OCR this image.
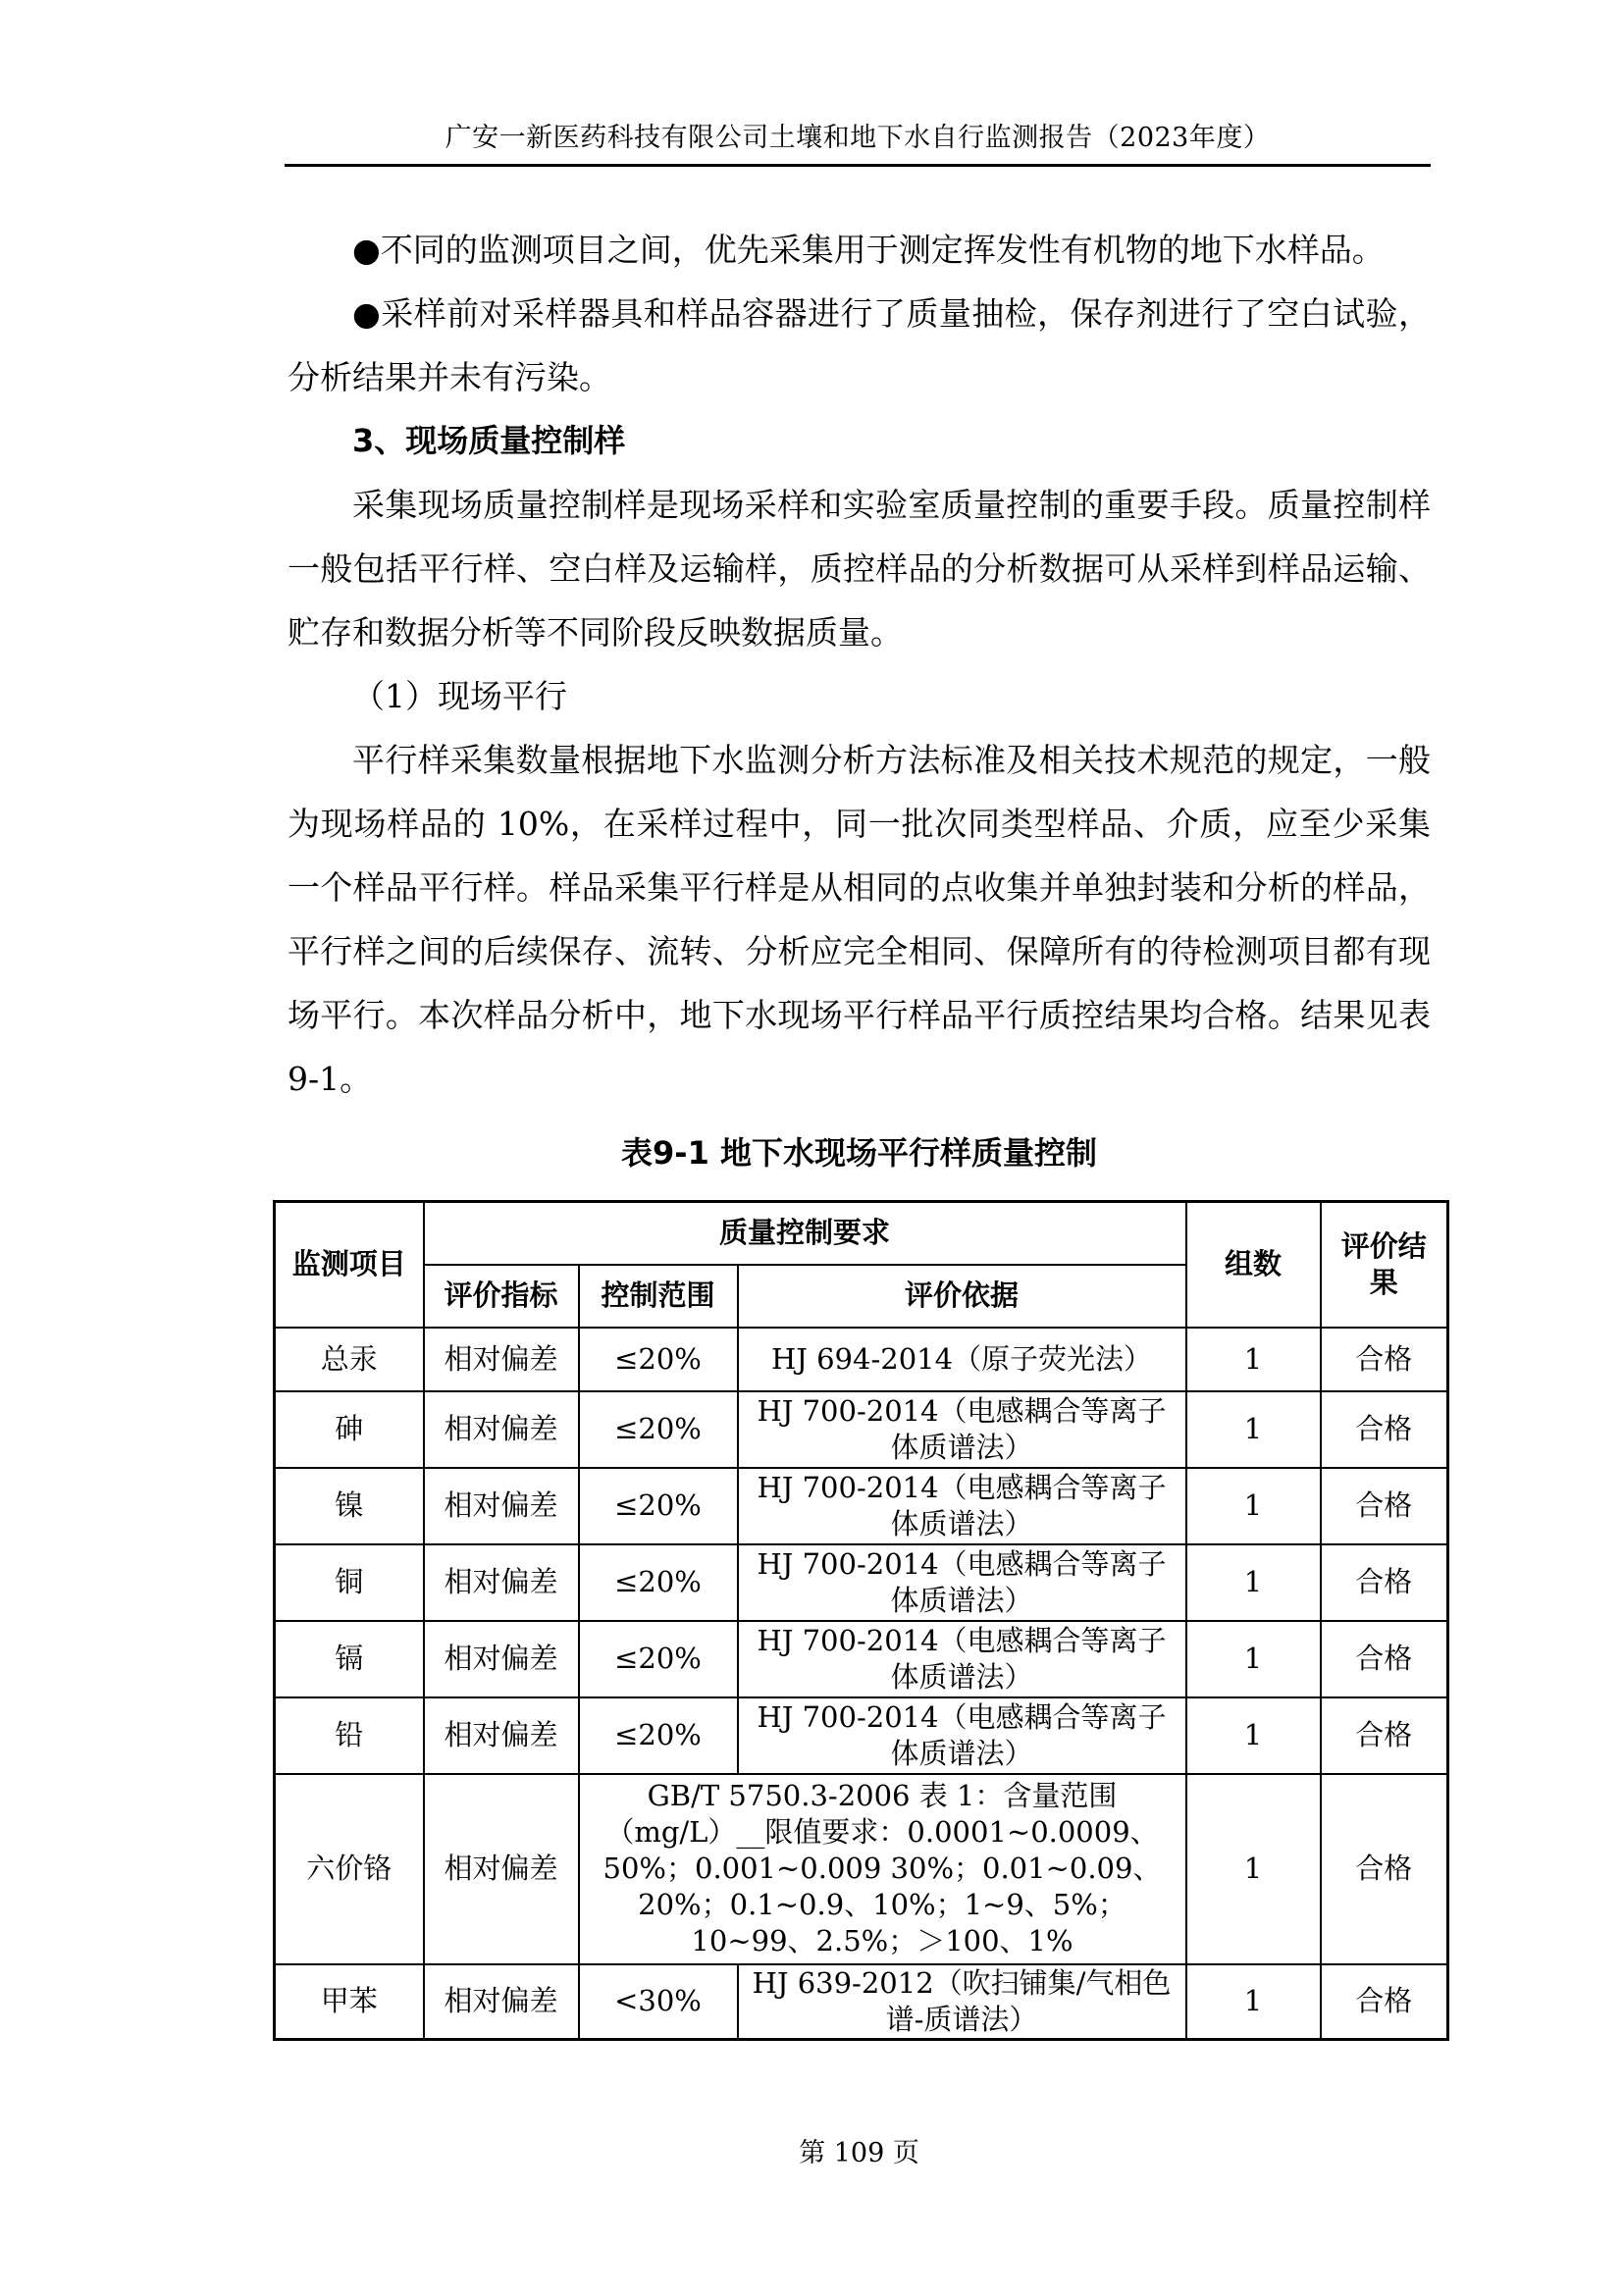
广安一新医药科技有限公司土壤和地下水自行监测报告（2023年度）

●不同的监测项目之间，优先采集用于测定挥发性有机物的地下水样品。

●采样前对采样器具和样品容器进行了质量抽检，保存剂进行了空白试验，分析结果并未有污染。

3、现场质量控制样

采集现场质量控制样是现场采样和实验室质量控制的重要手段。质量控制样一般包括平行样、空白样及运输样，质控样品的分析数据可从采样到样品运输、贮存和数据分析等不同阶段反映数据质量。

（1）现场平行

平行样采集数量根据地下水监测分析方法标准及相关技术规范的规定，一般为现场样品的 10%，在采样过程中，同一批次同类型样品、介质，应至少采集一个样品平行样。样品采集平行样是从相同的点收集并单独封装和分析的样品，平行样之间的后续保存、流转、分析应完全相同、保障所有的待检测项目都有现场平行。本次样品分析中，地下水现场平行样品平行质控结果均合格。结果见表 9-1。

表9-1 地下水现场平行样质量控制
监测项目	质量控制要求			组数	评价结果
	评价指标	控制范围	评价依据		
总汞	相对偏差	≤20%	HJ 694-2014（原子荧光法）	1	合格
砷	相对偏差	≤20%	HJ 700-2014（电感耦合等离子体质谱法）	1	合格
镍	相对偏差	≤20%	HJ 700-2014（电感耦合等离子体质谱法）	1	合格
铜	相对偏差	≤20%	HJ 700-2014（电感耦合等离子体质谱法）	1	合格
镉	相对偏差	≤20%	HJ 700-2014（电感耦合等离子体质谱法）	1	合格
铅	相对偏差	≤20%	HJ 700-2014（电感耦合等离子体质谱法）	1	合格
六价铬	相对偏差	GB/T 5750.3-2006 表 1：含量范围（mg/L）__限值要求：0.0001~0.0009、50%；0.001~0.009 30%；0.01~0.09、20%；0.1~0.9、10%；1~9、5%；10~99、2.5%；＞100、1%		1	合格
甲苯	相对偏差	<30%	HJ 639-2012（吹扫铺集/气相色谱-质谱法）	1	合格
第 109 页
